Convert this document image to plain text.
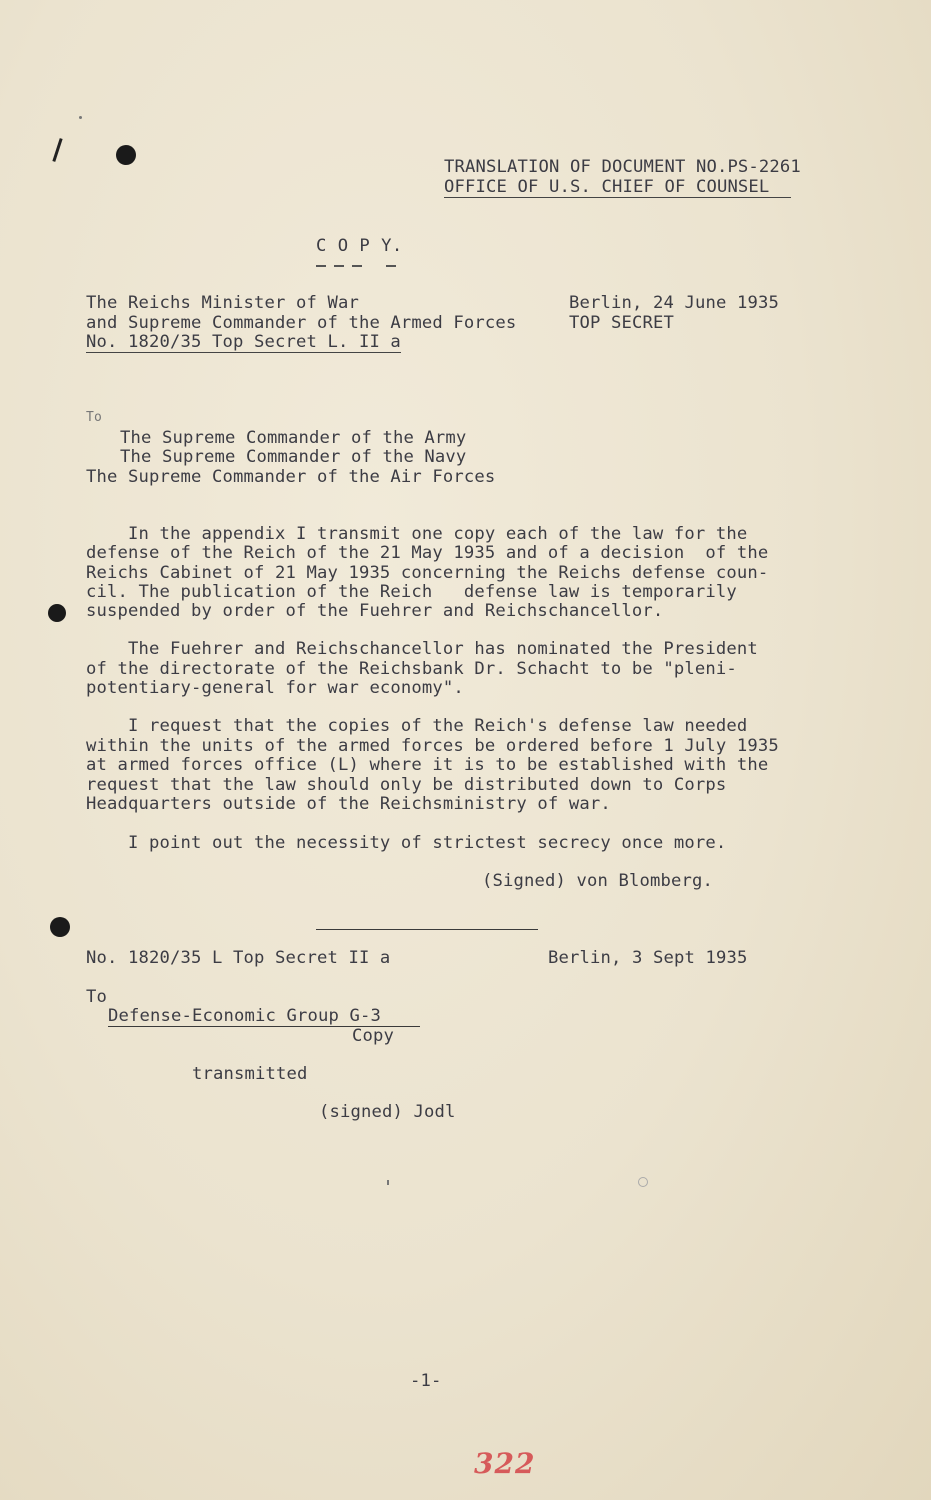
TRANSLATION OF DOCUMENT NO.PS-2261
OFFICE OF U.S. CHIEF OF COUNSEL
C O P Y.
The Reichs Minister of War
and Supreme Commander of the Armed Forces
No. 1820/35 Top Secret L. II a
Berlin, 24 June 1935
TOP SECRET
To
The Supreme Commander of the Army
The Supreme Commander of the Navy
The Supreme Commander of the Air Forces
In the appendix I transmit one copy each of the law for the
defense of the Reich of the 21 May 1935 and of a decision  of the
Reichs Cabinet of 21 May 1935 concerning the Reichs defense coun-
cil. The publication of the Reich   defense law is temporarily
suspended by order of the Fuehrer and Reichschancellor.
The Fuehrer and Reichschancellor has nominated the President
of the directorate of the Reichsbank Dr. Schacht to be "pleni-
potentiary-general for war economy".
I request that the copies of the Reich's defense law needed
within the units of the armed forces be ordered before 1 July 1935
at armed forces office (L) where it is to be established with the
request that the law should only be distributed down to Corps
Headquarters outside of the Reichsministry of war.
I point out the necessity of strictest secrecy once more.
(Signed) von Blomberg.
No. 1820/35 L Top Secret II a	Berlin, 3 Sept 1935
To
Defense-Economic Group G-3
Copy
transmitted
(signed) Jodl
-1-
322
